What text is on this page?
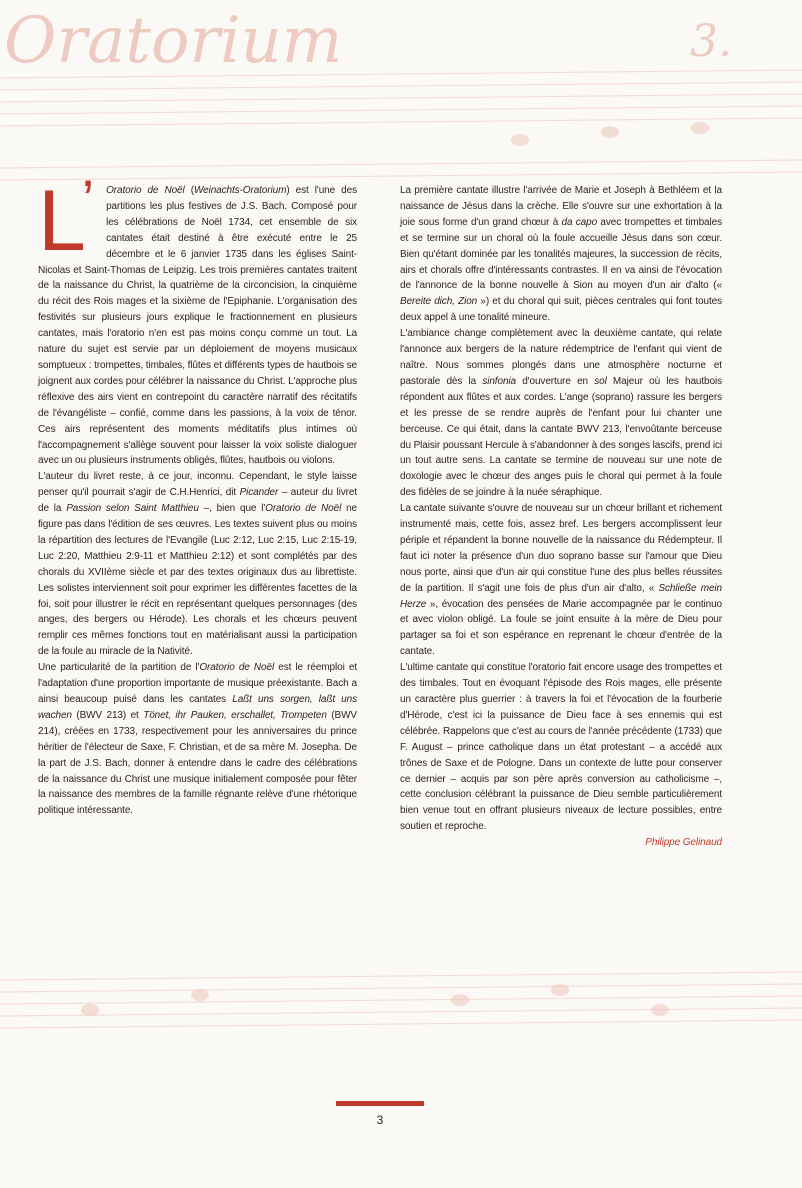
Oratorium	3.
L’	Oratorio de Noël (Weinachts-Oratorium) est l'une des partitions les plus festives de J.S. Bach. Composé pour les célébrations de Noël 1734, cet ensemble de six cantates était destiné à être exécuté entre le 25 décembre et le 6 janvier 1735 dans les églises Saint-Nicolas et Saint-Thomas de Leipzig. Les trois premières cantates traitent de la naissance du Christ, la quatrième de la circoncision, la cinquième du récit des Rois mages et la sixième de l'Epiphanie. L'organisation des festivités sur plusieurs jours explique le fractionnement en plusieurs cantates, mais l'oratorio n'en est pas moins conçu comme un tout. La nature du sujet est servie par un déploiement de moyens musicaux somptueux : trompettes, timbales, flûtes et différents types de hautbois se joignent aux cordes pour célébrer la naissance du Christ. L'approche plus réflexive des airs vient en contrepoint du caractère narratif des récitatifs de l'évangéliste – confié, comme dans les passions, à la voix de ténor. Ces airs représentent des moments méditatifs plus intimes où l'accompagnement s'allège souvent pour laisser la voix soliste dialoguer avec un ou plusieurs instruments obligés, flûtes, hautbois ou violons.

L'auteur du livret reste, à ce jour, inconnu. Cependant, le style laisse penser qu'il pourrait s'agir de C.H.Henrici, dit Picander – auteur du livret de la Passion selon Saint Matthieu –, bien que l'Oratorio de Noël ne figure pas dans l'édition de ses œuvres. Les textes suivent plus ou moins la répartition des lectures de l'Evangile (Luc 2:12, Luc 2:15, Luc 2:15-19, Luc 2:20, Matthieu 2:9-11 et Matthieu 2:12) et sont complétés par des chorals du XVIIème siècle et par des textes originaux dus au librettiste. Les solistes interviennent soit pour exprimer les différentes facettes de la foi, soit pour illustrer le récit en représentant quelques personnages (des anges, des bergers ou Hérode). Les chorals et les chœurs peuvent remplir ces mêmes fonctions tout en matérialisant aussi la participation de la foule au miracle de la Nativité.

Une particularité de la partition de l'Oratorio de Noël est le réemploi et l'adaptation d'une proportion importante de musique préexistante. Bach a ainsi beaucoup puisé dans les cantates Laßt uns sorgen, laßt uns wachen (BWV 213) et Tönet, ihr Pauken, erschallet, Trompeten (BWV 214), créées en 1733, respectivement pour les anniversaires du prince héritier de l'électeur de Saxe, F. Christian, et de sa mère M. Josepha. De la part de J.S. Bach, donner à entendre dans le cadre des célébrations de la naissance du Christ une musique initialement composée pour fêter la naissance des membres de la famille régnante relève d'une rhétorique politique intéressante.

La première cantate illustre l'arrivée de Marie et Joseph à Bethléem et la naissance de Jésus dans la crèche. Elle s'ouvre sur une exhortation à la joie sous forme d'un grand chœur à da capo avec trompettes et timbales et se termine sur un choral où la foule accueille Jésus dans son cœur. Bien qu'étant dominée par les tonalités majeures, la succession de récits, airs et chorals offre d'intéressants contrastes. Il en va ainsi de l'évocation de l'annonce de la bonne nouvelle à Sion au moyen d'un air d'alto (« Bereite dich, Zion ») et du choral qui suit, pièces centrales qui font toutes deux appel à une tonalité mineure.

L'ambiance change complètement avec la deuxième cantate, qui relate l'annonce aux bergers de la nature rédemptrice de l'enfant qui vient de naître. Nous sommes plongés dans une atmosphère nocturne et pastorale dès la sinfonia d'ouverture en sol Majeur où les hautbois répondent aux flûtes et aux cordes. L'ange (soprano) rassure les bergers et les presse de se rendre auprès de l'enfant pour lui chanter une berceuse. Ce qui était, dans la cantate BWV 213, l'envoûtante berceuse du Plaisir poussant Hercule à s'abandonner à des songes lascifs, prend ici un tout autre sens. La cantate se termine de nouveau sur une note de doxologie avec le chœur des anges puis le choral qui permet à la foule des fidèles de se joindre à la nuée séraphique.

La cantate suivante s'ouvre de nouveau sur un chœur brillant et richement instrumenté mais, cette fois, assez bref. Les bergers accomplissent leur périple et répandent la bonne nouvelle de la naissance du Rédempteur. Il faut ici noter la présence d'un duo soprano basse sur l'amour que Dieu nous porte, ainsi que d'un air qui constitue l'une des plus belles réussites de la partition. Il s'agit une fois de plus d'un air d'alto, « Schließe mein Herze », évocation des pensées de Marie accompagnée par le continuo et avec violon obligé. La foule se joint ensuite à la mère de Dieu pour partager sa foi et son espérance en reprenant le chœur d'entrée de la cantate.

L'ultime cantate qui constitue l'oratorio fait encore usage des trompettes et des timbales. Tout en évoquant l'épisode des Rois mages, elle présente un caractère plus guerrier : à travers la foi et l'évocation de la fourberie d'Hérode, c'est ici la puissance de Dieu face à ses ennemis qui est célébrée. Rappelons que c'est au cours de l'année précédente (1733) que F. August – prince catholique dans un état protestant – a accédé aux trônes de Saxe et de Pologne. Dans un contexte de lutte pour conserver ce dernier – acquis par son père après conversion au catholicisme –, cette conclusion célébrant la puissance de Dieu semble particulièrement bien venue tout en offrant plusieurs niveaux de lecture possibles, entre soutien et reproche.

Philippe Gelinaud

3
